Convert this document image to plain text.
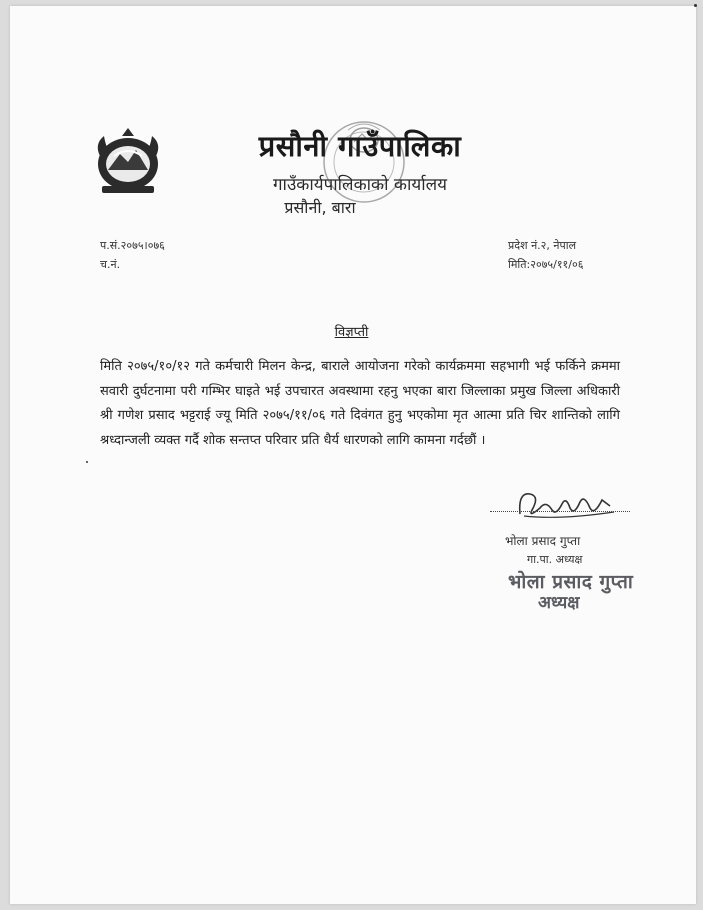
प्रसौनी गाउँपालिका
गाउँकार्यपालिकाको कार्यालय
प्रसौनी, बारा
प.सं.२०७५।०७६
च.नं.
प्रदेश नं.२, नेपाल
मिति:२०७५/११/०६
विज्ञप्ती
मिति २०७५/१०/१२ गते कर्मचारी मिलन केन्द्र, बाराले आयोजना गरेको कार्यक्रममा सहभागी भई फर्किने क्रममा सवारी दुर्घटनामा परी गम्भिर घाइते भई उपचारत अवस्थामा रहनु भएका बारा जिल्लाका प्रमुख जिल्ला अधिकारी श्री गणेश प्रसाद भट्टराई ज्यू मिति २०७५/११/०६ गते दिवंगत हुनु भएकोमा मृत आत्मा प्रति चिर शान्तिको लागि श्रध्दान्जली व्यक्त गर्दै शोक सन्तप्त परिवार प्रति धैर्य धारणको लागि कामना गर्दछौं ।
भोला प्रसाद गुप्ता
गा.पा. अध्यक्ष
भोला प्रसाद गुप्ता
अध्यक्ष
